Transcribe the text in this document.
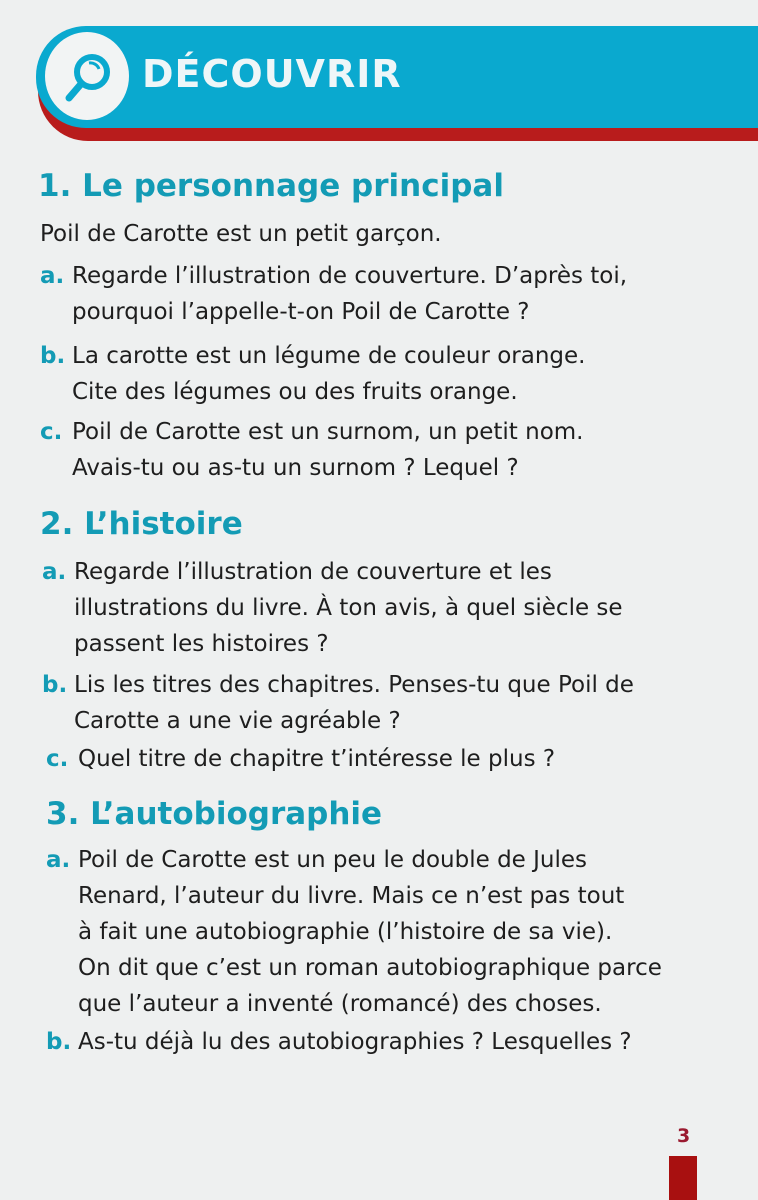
DÉCOUVRIR
1. Le personnage principal
Poil de Carotte est un petit garçon.
2. L’histoire
3. L’autobiographie
3
a. Regarde l’illustration de couverture. D’après toi,
pourquoi l’appelle-t-on Poil de Carotte ?
b. La carotte est un légume de couleur orange.
Cite des légumes ou des fruits orange.
c. Poil de Carotte est un surnom, un petit nom.
Avais-tu ou as-tu un surnom ? Lequel ?
a. Regarde l’illustration de couverture et les
illustrations du livre. À ton avis, à quel siècle se
passent les histoires ?
b. Lis les titres des chapitres. Penses-tu que Poil de
Carotte a une vie agréable ?
c. Quel titre de chapitre t’intéresse le plus ?
a. Poil de Carotte est un peu le double de Jules
Renard, l’auteur du livre. Mais ce n’est pas tout
à fait une autobiographie (l’histoire de sa vie).
On dit que c’est un roman autobiographique parce
que l’auteur a inventé (romancé) des choses.
b. As-tu déjà lu des autobiographies ? Lesquelles ?
